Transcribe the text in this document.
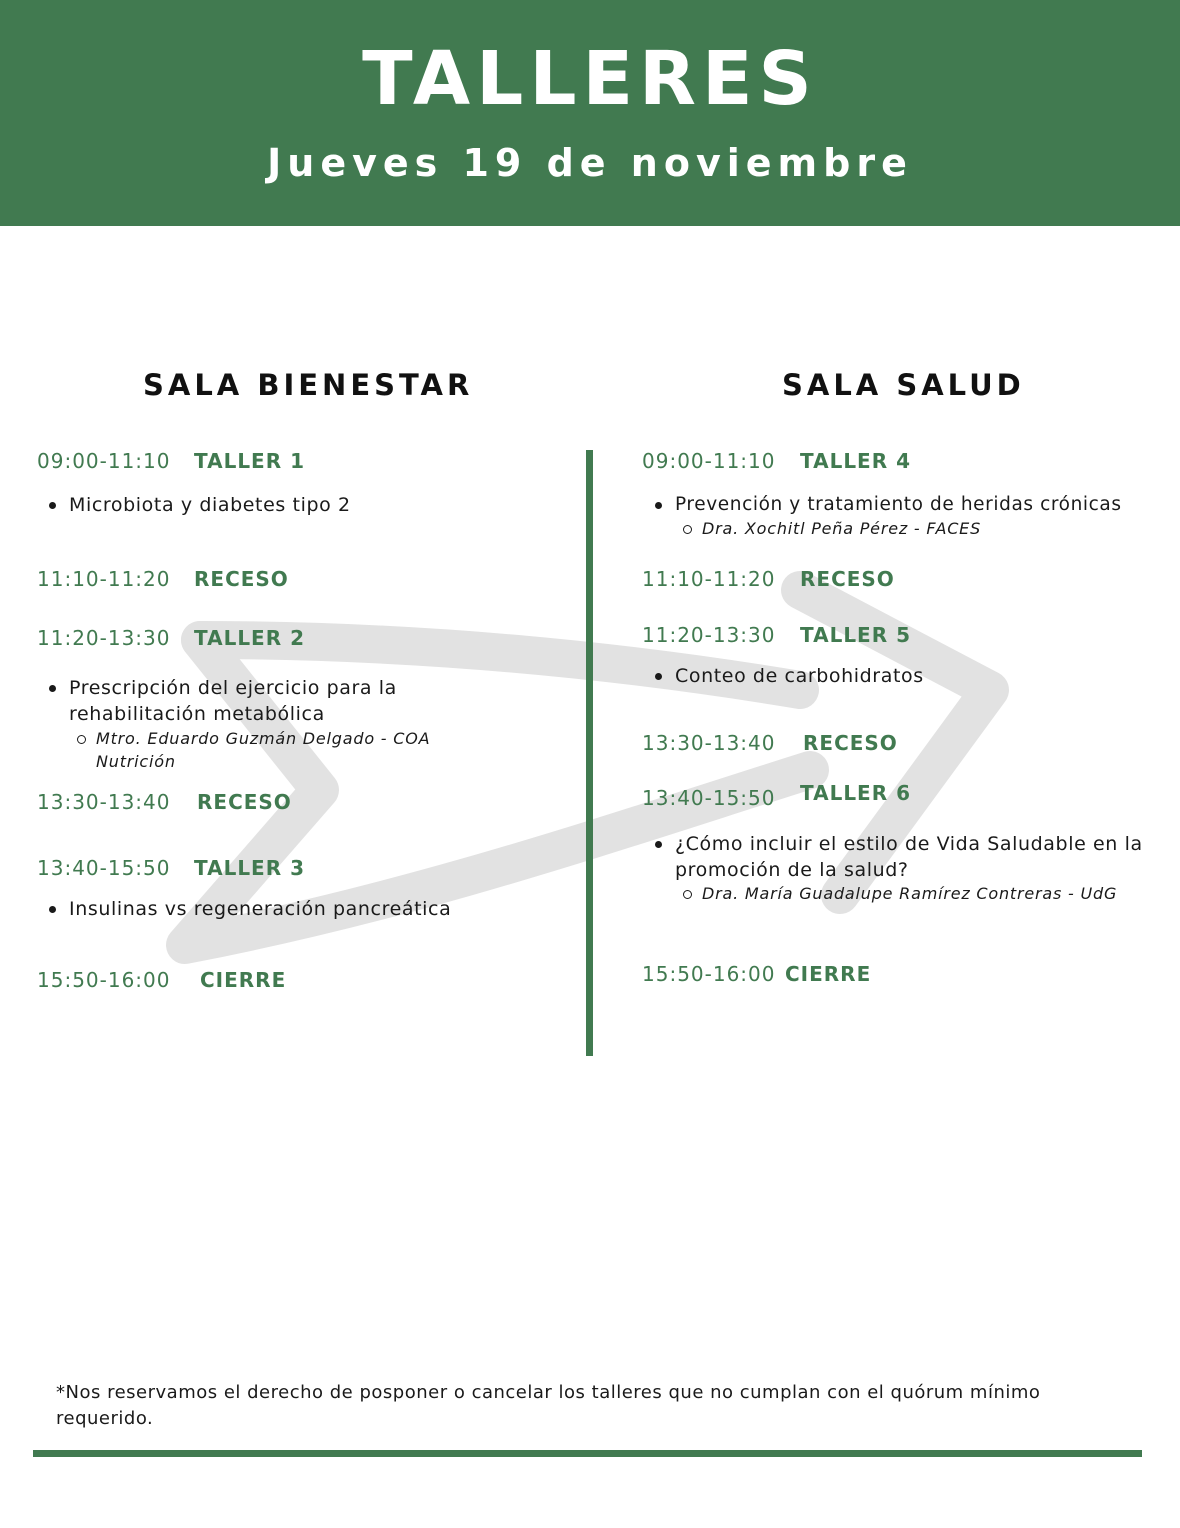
TALLERES
Jueves 19 de noviembre
SALA BIENESTAR	SALA SALUD
09:00-11:10 TALLER 1
Microbiota y diabetes tipo 2
11:10-11:20 RECESO
11:20-13:30 TALLER 2
Prescripción del ejercicio para la rehabilitación metabólica
Mtro. Eduardo Guzmán Delgado - COA Nutrición
13:30-13:40 RECESO
13:40-15:50 TALLER 3
Insulinas vs regeneración pancreática
15:50-16:00 CIERRE
09:00-11:10 TALLER 4
Prevención y tratamiento de heridas crónicas
Dra. Xochitl Peña Pérez - FACES
11:10-11:20 RECESO
11:20-13:30 TALLER 5
Conteo de carbohidratos
13:30-13:40 RECESO
13:40-15:50 TALLER 6
¿Cómo incluir el estilo de Vida Saludable en la promoción de la salud?
Dra. María Guadalupe Ramírez Contreras - UdG
15:50-16:00 CIERRE
*Nos reservamos el derecho de posponer o cancelar los talleres que no cumplan con el quórum mínimo requerido.
